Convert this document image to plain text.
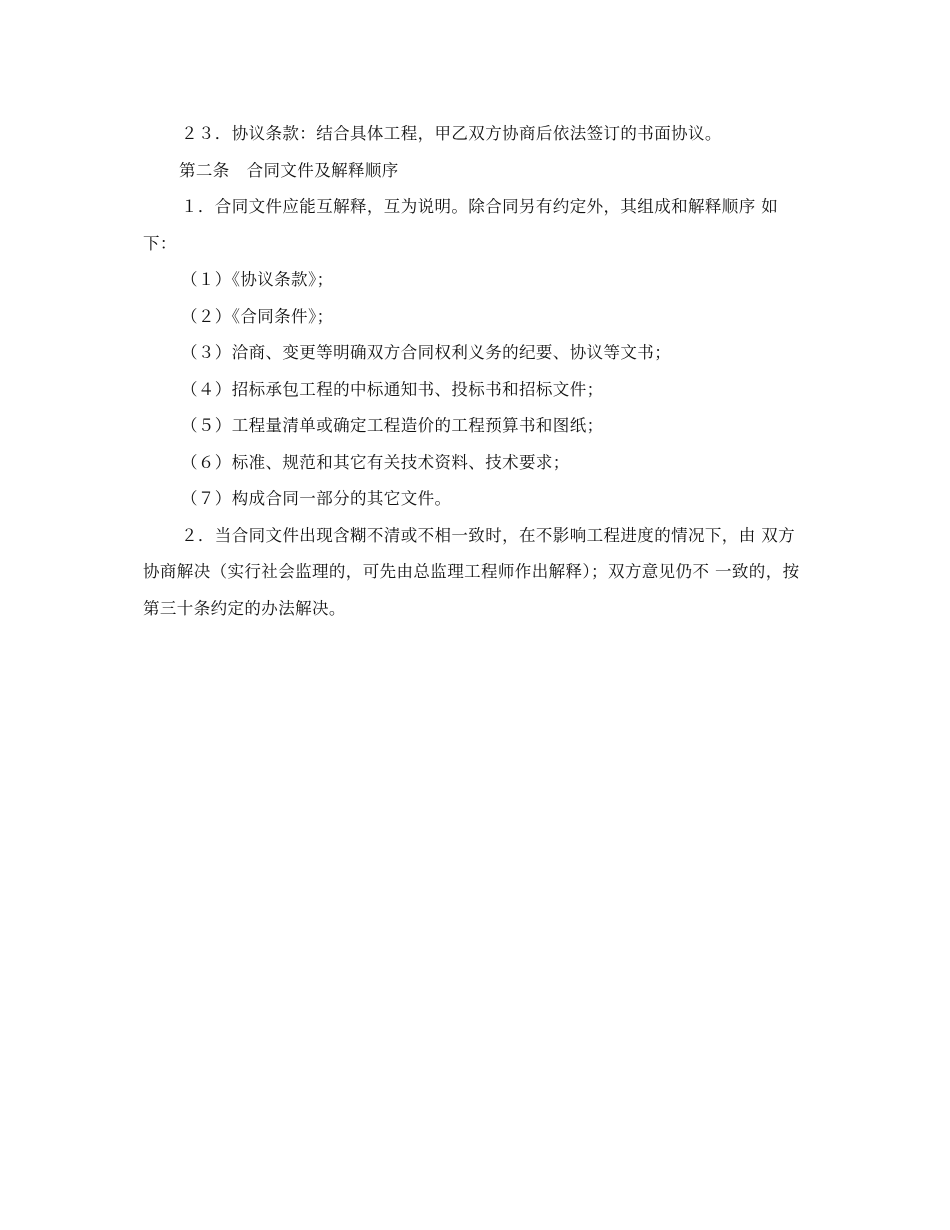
２３．协议条款：结合具体工程，甲乙双方协商后依法签订的书面协议。

第二条　合同文件及解释顺序

１．合同文件应能互解释，互为说明。除合同另有约定外，其组成和解释顺序 如下：

（１）《协议条款》；

（２）《合同条件》；

（３）洽商、变更等明确双方合同权利义务的纪要、协议等文书；

（４）招标承包工程的中标通知书、投标书和招标文件；

（５）工程量清单或确定工程造价的工程预算书和图纸；

（６）标准、规范和其它有关技术资料、技术要求；

（７）构成合同一部分的其它文件。

２．当合同文件出现含糊不清或不相一致时，在不影响工程进度的情况下，由 双方协商解决（实行社会监理的，可先由总监理工程师作出解释）；双方意见仍不 一致的，按第三十条约定的办法解决。
